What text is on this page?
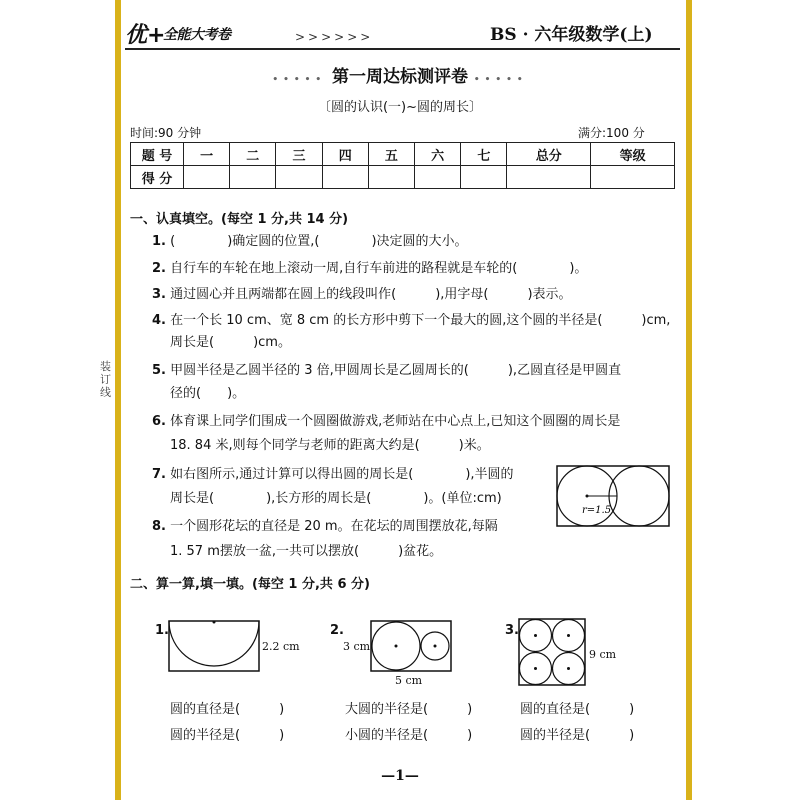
装 订 线
优+
全能大考卷	>>>>>>	BS · 六年级数学(上)
••••• 第一周达标测评卷 •••••
〔圆的认识(一)~圆的周长〕
时间:90 分钟	满分:100 分
题 号	一	二	三	四	五	六	七	总分	等级
得 分									
一、认真填空。(每空 1 分,共 14 分)
1. (　　　　)确定圆的位置,(　　　　)决定圆的大小。
2. 自行车的车轮在地上滚动一周,自行车前进的路程就是车轮的(　　　　)。
3. 通过圆心并且两端都在圆上的线段叫作(　　　),用字母(　　　)表示。
4. 在一个长 10 cm、宽 8 cm 的长方形中剪下一个最大的圆,这个圆的半径是(　　　)cm,
周长是(　　　)cm。
5. 甲圆半径是乙圆半径的 3 倍,甲圆周长是乙圆周长的(　　　),乙圆直径是甲圆直
径的(　　)。
6. 体育课上同学们围成一个圆圈做游戏,老师站在中心点上,已知这个圆圈的周长是
18. 84 米,则每个同学与老师的距离大约是(　　　)米。
7. 如右图所示,通过计算可以得出圆的周长是(　　　　),半圆的
周长是(　　　　),长方形的周长是(　　　　)。(单位:cm)
r=1.5
8. 一个圆形花坛的直径是 20 m。在花坛的周围摆放花,每隔
1. 57 m摆放一盆,一共可以摆放(　　　)盆花。
二、算一算,填一填。(每空 1 分,共 6 分)
1.
2.2 cm
圆的直径是(　　　)
圆的半径是(　　　)
2.
3 cm
5 cm
大圆的半径是(　　　)
小圆的半径是(　　　)
3.
9 cm
圆的直径是(　　　)
圆的半径是(　　　)
—1—
